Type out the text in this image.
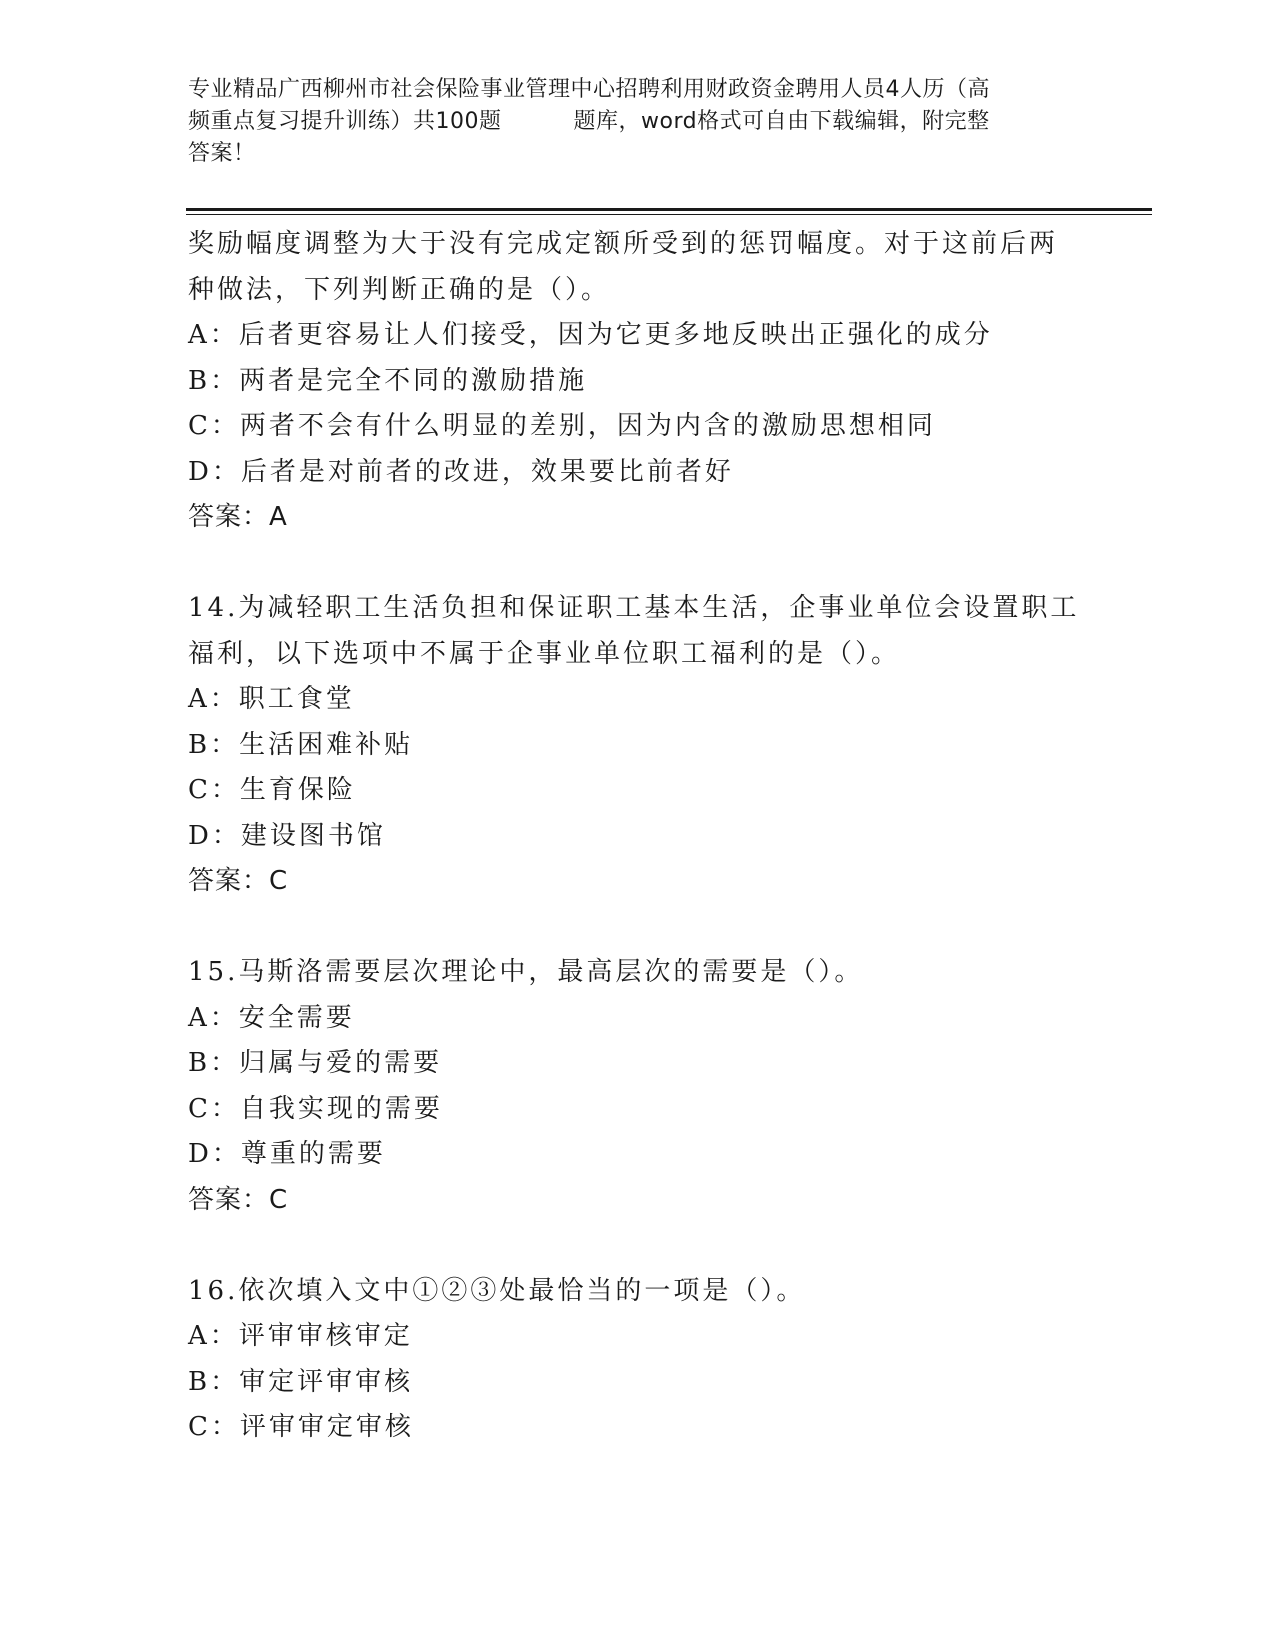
专业精品广西柳州市社会保险事业管理中心招聘利用财政资金聘用人员4人历（高
频重点复习提升训练）共100题	题库，word格式可自由下载编辑，附完整
答案！
奖励幅度调整为大于没有完成定额所受到的惩罚幅度。对于这前后两
种做法，下列判断正确的是（）。
A：后者更容易让人们接受，因为它更多地反映出正强化的成分
B：两者是完全不同的激励措施
C：两者不会有什么明显的差别，因为内含的激励思想相同
D：后者是对前者的改进，效果要比前者好
答案：A
14.为减轻职工生活负担和保证职工基本生活，企事业单位会设置职工
福利，以下选项中不属于企事业单位职工福利的是（）。
A：职工食堂
B：生活困难补贴
C：生育保险
D：建设图书馆
答案：C
15.马斯洛需要层次理论中，最高层次的需要是（）。
A：安全需要
B：归属与爱的需要
C：自我实现的需要
D：尊重的需要
答案：C
16.依次填入文中①②③处最恰当的一项是（）。
A：评审审核审定
B：审定评审审核
C：评审审定审核
